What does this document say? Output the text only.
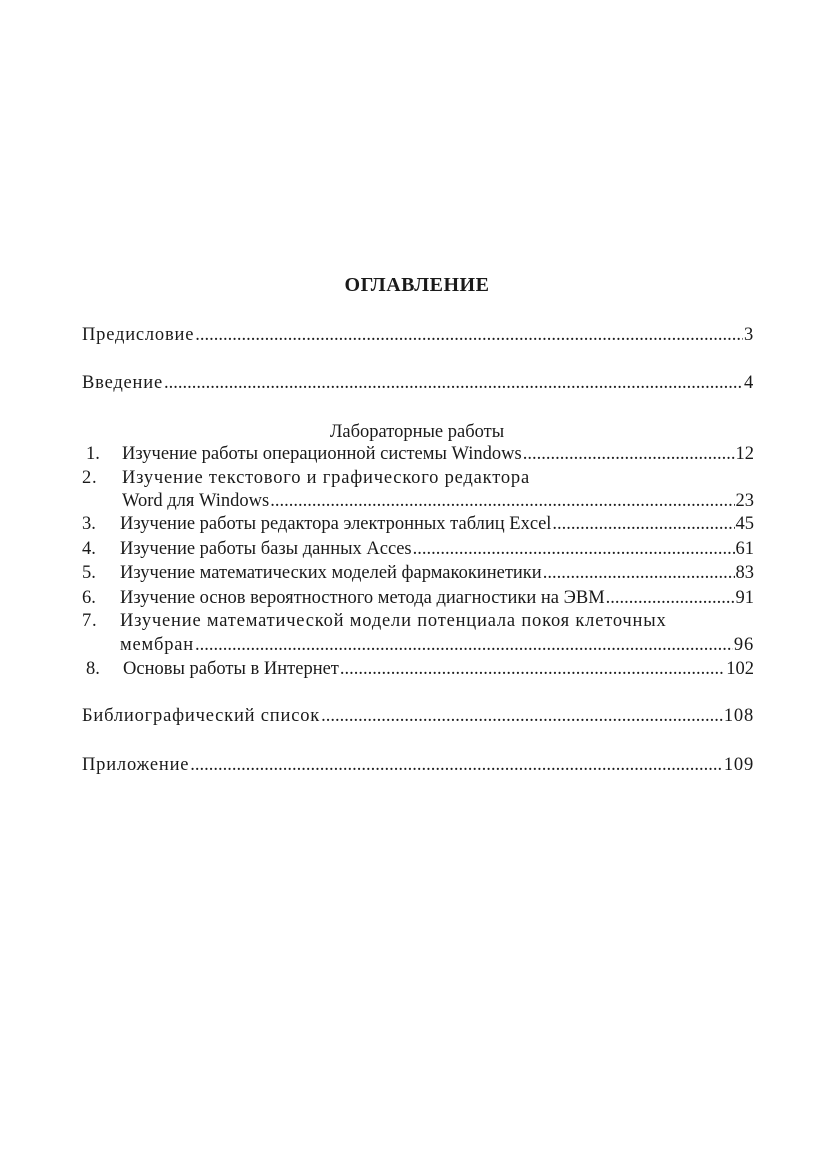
ОГЛАВЛЕНИЕ
Предисловие .....	3
Введение .....	4
Лабораторные работы
1.	Изучение работы операционной системы Windows .....	12
2. Изучение текстового и графического редактора
Word для Windows .....	23
3.	Изучение работы редактора электронных таблиц Excel .....	45
4.	Изучение работы базы данных Acces .....	61
5.	Изучение математических моделей фармакокинетики .....	83
6.	Изучение основ вероятностного метода диагностики на ЭВМ .....	91
7. Изучение математической модели потенциала покоя клеточных
мембран .....	96
8.	Основы работы в Интернет .....	102
Библиографический список .....	108
Приложение .....	109
